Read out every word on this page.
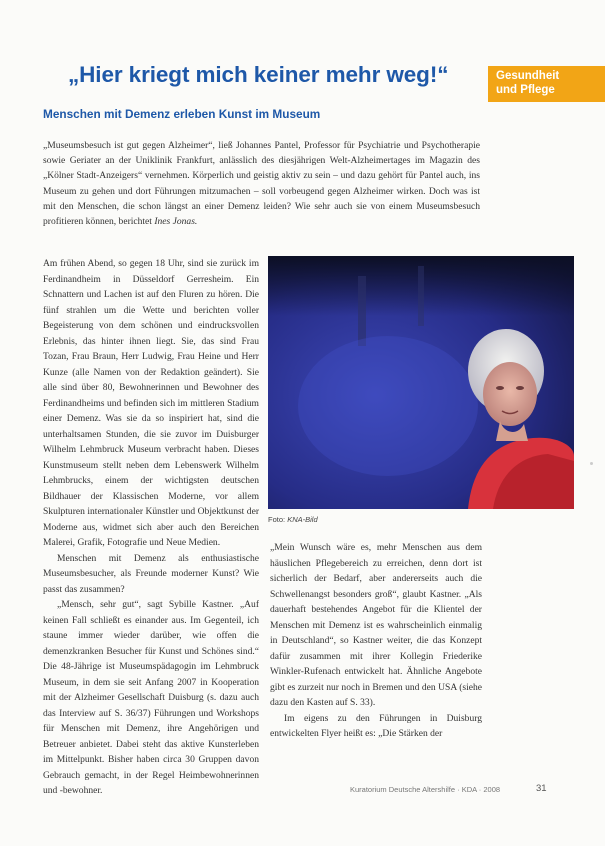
Gesundheit
und Pflege
„Hier kriegt mich keiner mehr weg!“
Menschen mit Demenz erleben Kunst im Museum
„Museumsbesuch ist gut gegen Alzheimer“, ließ Johannes Pantel, Professor für Psychiatrie und Psychotherapie sowie Geriater an der Uniklinik Frankfurt, anlässlich des diesjährigen Welt-Alzheimertages im Magazin des „Kölner Stadt-Anzeigers“ vernehmen. Körperlich und geistig aktiv zu sein – und dazu gehört für Pantel auch, ins Museum zu gehen und dort Führungen mitzumachen – soll vorbeugend gegen Alzheimer wirken. Doch was ist mit den Menschen, die schon längst an einer Demenz leiden? Wie sehr auch sie von einem Museumsbesuch profitieren können, berichtet Ines Jonas.

Am frühen Abend, so gegen 18 Uhr, sind sie zurück im Ferdinandheim in Düsseldorf Gerresheim. Ein Schnattern und Lachen ist auf den Fluren zu hören. Die fünf strahlen um die Wette und berichten voller Begeisterung von dem schönen und eindrucksvollen Erlebnis, das hinter ihnen liegt. Sie, das sind Frau Tozan, Frau Braun, Herr Ludwig, Frau Heine und Herr Kunze (alle Namen von der Redaktion geändert). Sie alle sind über 80, Bewohnerinnen und Bewohner des Ferdinandheims und befinden sich im mittleren Stadium einer Demenz. Was sie da so inspiriert hat, sind die unterhaltsamen Stunden, die sie zuvor im Duisburger Wilhelm Lehmbruck Museum verbracht haben. Dieses Kunstmuseum stellt neben dem Lebenswerk Wilhelm Lehmbrucks, einem der wichtigsten deutschen Bildhauer der Klassischen Moderne, vor allem Skulpturen internationaler Künstler und Objektkunst der Moderne aus, widmet sich aber auch den Bereichen Malerei, Grafik, Fotografie und Neue Medien.

Menschen mit Demenz als enthusiastische Museumsbesucher, als Freunde moderner Kunst? Wie passt das zusammen?

„Mensch, sehr gut“, sagt Sybille Kastner. „Auf keinen Fall schließt es einander aus. Im Gegenteil, ich staune immer wieder darüber, wie offen die demenzkranken Besucher für Kunst und Schönes sind.“ Die 48-Jährige ist Museumspädagogin im Lehmbruck Museum, in dem sie seit Anfang 2007 in Kooperation mit der Alzheimer Gesellschaft Duisburg (s. dazu auch das Interview auf S. 36/37) Führungen und Workshops für Menschen mit Demenz, ihre Angehörigen und Betreuer anbietet. Dabei steht das aktive Kunsterleben im Mittelpunkt. Bisher haben circa 30 Gruppen davon Gebrauch gemacht, in der Regel Heimbewohnerinnen und -bewohner.

Foto: KNA-Bild

„Mein Wunsch wäre es, mehr Menschen aus dem häuslichen Pflegebereich zu erreichen, denn dort ist sicherlich der Bedarf, aber andererseits auch die Schwellenangst besonders groß“, glaubt Kastner. „Als dauerhaft bestehendes Angebot für die Klientel der Menschen mit Demenz ist es wahrscheinlich einmalig in Deutschland“, so Kastner weiter, die das Konzept dafür zusammen mit ihrer Kollegin Friederike Winkler-Rufenach entwickelt hat. Ähnliche Angebote gibt es zurzeit nur noch in Bremen und den USA (siehe dazu den Kasten auf S. 33).

Im eigens zu den Führungen in Duisburg entwickelten Flyer heißt es: „Die Stärken der

Kuratorium Deutsche Altershilfe · KDA · 2008	31
